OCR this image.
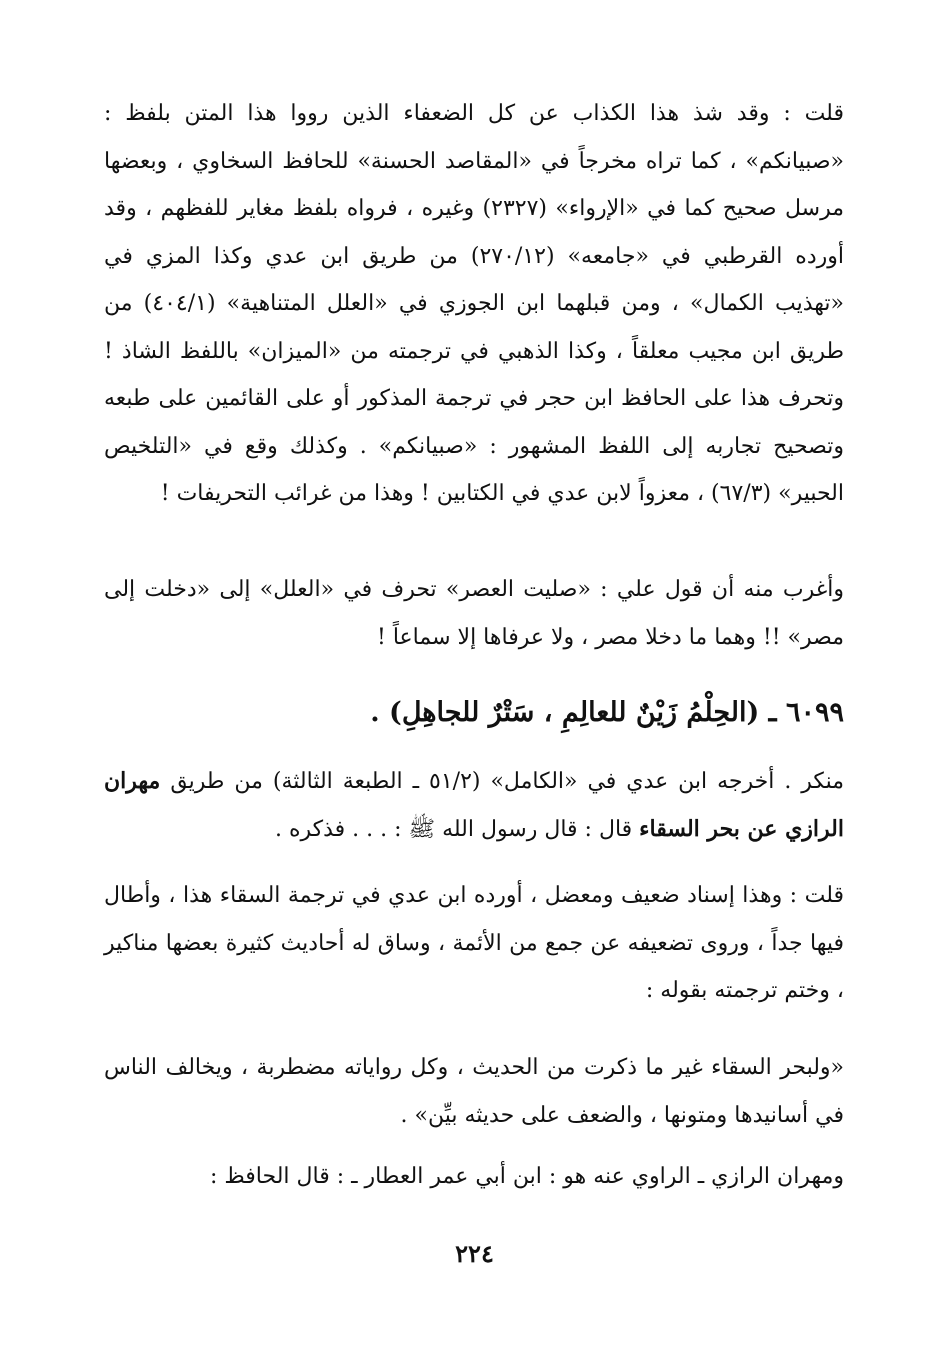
قلت : وقد شذ هذا الكذاب عن كل الضعفاء الذين رووا هذا المتن بلفظ : «صبيانكم» ، كما تراه مخرجاً في «المقاصد الحسنة» للحافظ السخاوي ، وبعضها مرسل صحيح كما في «الإرواء» (٢٣٢٧) وغيره ، فرواه بلفظ مغاير للفظهم ، وقد أورده القرطبي في «جامعه» (٢٧٠/١٢) من طريق ابن عدي وكذا المزي في «تهذيب الكمال» ، ومن قبلهما ابن الجوزي في «العلل المتناهية» (٤٠٤/١) من طريق ابن مجيب معلقاً ، وكذا الذهبي في ترجمته من «الميزان» باللفظ الشاذ ! وتحرف هذا على الحافظ ابن حجر في ترجمة المذكور أو على القائمين على طبعه وتصحيح تجاربه إلى اللفظ المشهور : «صبيانكم» . وكذلك وقع في «التلخيص الحبير» (٦٧/٣) ، معزواً لابن عدي في الكتابين ! وهذا من غرائب التحريفات !

وأغرب منه أن قول علي : «صليت العصر» تحرف في «العلل» إلى «دخلت إلى مصر» !! وهما ما دخلا مصر ، ولا عرفاها إلا سماعاً !

٦٠٩٩ ـ (الحِلْمُ زَيْنٌ للعالِمِ ، سَتْرٌ للجاهِلِ) .

منكر . أخرجه ابن عدي في «الكامل» (٥١/٢ ـ الطبعة الثالثة) من طريق مهران الرازي عن بحر السقاء قال : قال رسول الله ﷺ : . . . فذكره .

قلت : وهذا إسناد ضعيف ومعضل ، أورده ابن عدي في ترجمة السقاء هذا ، وأطال فيها جداً ، وروى تضعيفه عن جمع من الأئمة ، وساق له أحاديث كثيرة بعضها مناكير ، وختم ترجمته بقوله :

«ولبحر السقاء غير ما ذكرت من الحديث ، وكل رواياته مضطربة ، ويخالف الناس في أسانيدها ومتونها ، والضعف على حديثه بيِّن» .

ومهران الرازي ـ الراوي عنه هو : ابن أبي عمر العطار ـ : قال الحافظ :

٢٢٤
